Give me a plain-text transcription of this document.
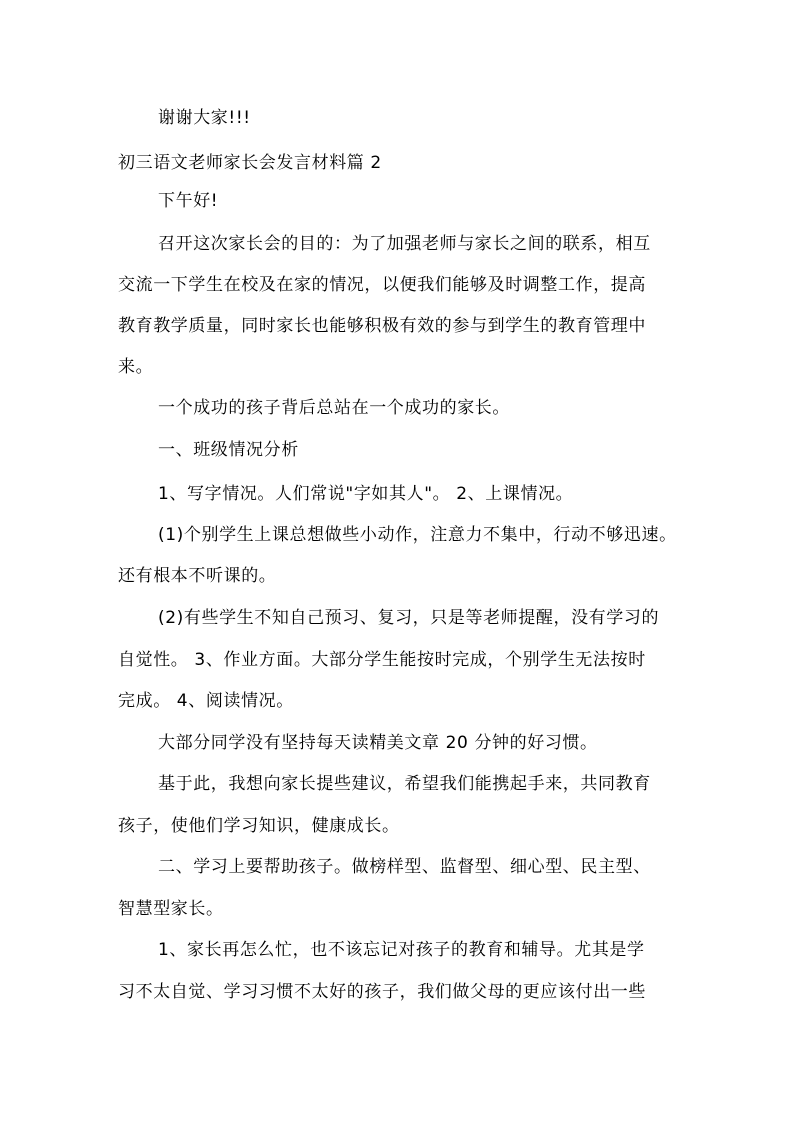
谢谢大家!!!
初三语文老师家长会发言材料篇 2
下午好!
召开这次家长会的目的：为了加强老师与家长之间的联系，相互
交流一下学生在校及在家的情况，以便我们能够及时调整工作，提高
教育教学质量，同时家长也能够积极有效的参与到学生的教育管理中
来。
一个成功的孩子背后总站在一个成功的家长。
一、班级情况分析
1、写字情况。人们常说"字如其人"。 2、上课情况。
(1)个别学生上课总想做些小动作，注意力不集中，行动不够迅速。
还有根本不听课的。
(2)有些学生不知自己预习、复习，只是等老师提醒，没有学习的
自觉性。 3、作业方面。大部分学生能按时完成，个别学生无法按时
完成。 4、阅读情况。
大部分同学没有坚持每天读精美文章 20 分钟的好习惯。
基于此，我想向家长提些建议，希望我们能携起手来，共同教育
孩子，使他们学习知识，健康成长。
二、学习上要帮助孩子。做榜样型、监督型、细心型、民主型、
智慧型家长。
1、家长再怎么忙，也不该忘记对孩子的教育和辅导。尤其是学
习不太自觉、学习习惯不太好的孩子，我们做父母的更应该付出一些
